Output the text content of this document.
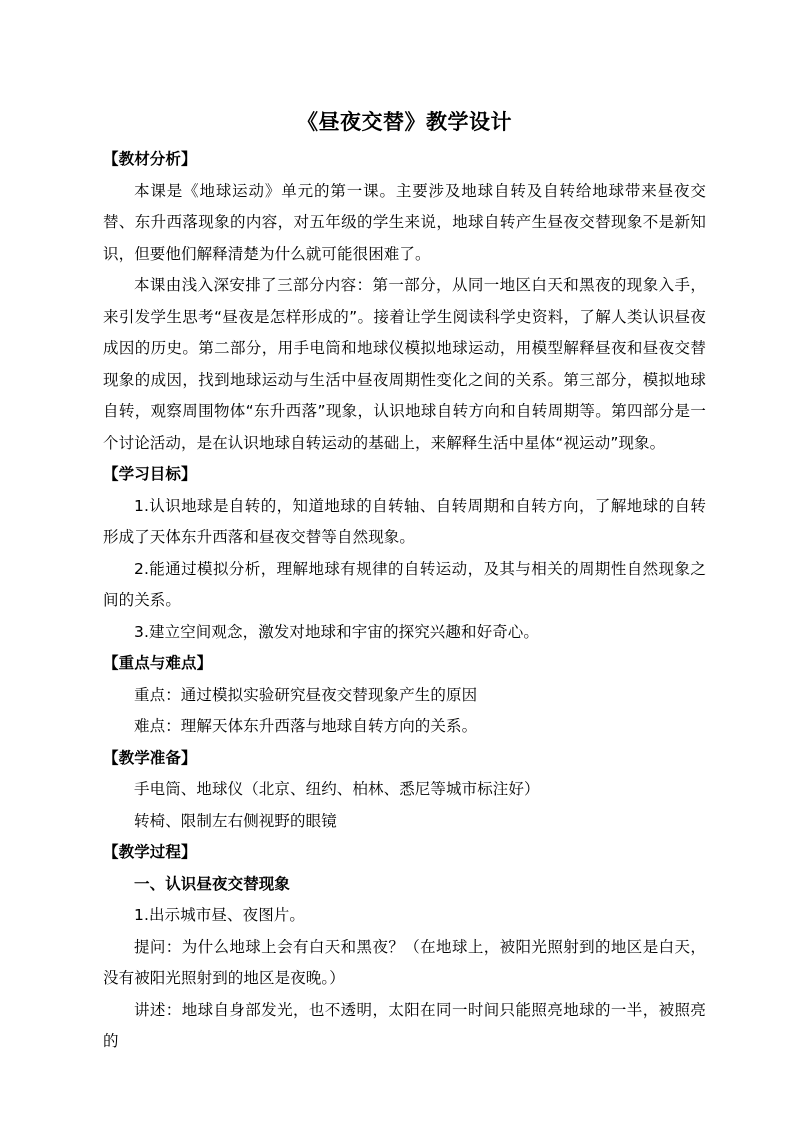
《昼夜交替》教学设计

【教材分析】

本课是《地球运动》单元的第一课。主要涉及地球自转及自转给地球带来昼夜交替、东升西落现象的内容，对五年级的学生来说，地球自转产生昼夜交替现象不是新知识，但要他们解释清楚为什么就可能很困难了。

本课由浅入深安排了三部分内容：第一部分，从同一地区白天和黑夜的现象入手，来引发学生思考“昼夜是怎样形成的”。接着让学生阅读科学史资料，了解人类认识昼夜成因的历史。第二部分，用手电筒和地球仪模拟地球运动，用模型解释昼夜和昼夜交替现象的成因，找到地球运动与生活中昼夜周期性变化之间的关系。第三部分，模拟地球自转，观察周围物体“东升西落”现象，认识地球自转方向和自转周期等。第四部分是一个讨论活动，是在认识地球自转运动的基础上，来解释生活中星体“视运动”现象。

【学习目标】

1.认识地球是自转的，知道地球的自转轴、自转周期和自转方向，了解地球的自转形成了天体东升西落和昼夜交替等自然现象。

2.能通过模拟分析，理解地球有规律的自转运动，及其与相关的周期性自然现象之间的关系。

3.建立空间观念，激发对地球和宇宙的探究兴趣和好奇心。

【重点与难点】

重点：通过模拟实验研究昼夜交替现象产生的原因

难点：理解天体东升西落与地球自转方向的关系。

【教学准备】

手电筒、地球仪（北京、纽约、柏林、悉尼等城市标注好）

转椅、限制左右侧视野的眼镜

【教学过程】

一、认识昼夜交替现象

1.出示城市昼、夜图片。

提问：为什么地球上会有白天和黑夜？（在地球上，被阳光照射到的地区是白天，没有被阳光照射到的地区是夜晚。）

讲述：地球自身部发光，也不透明，太阳在同一时间只能照亮地球的一半，被照亮的
